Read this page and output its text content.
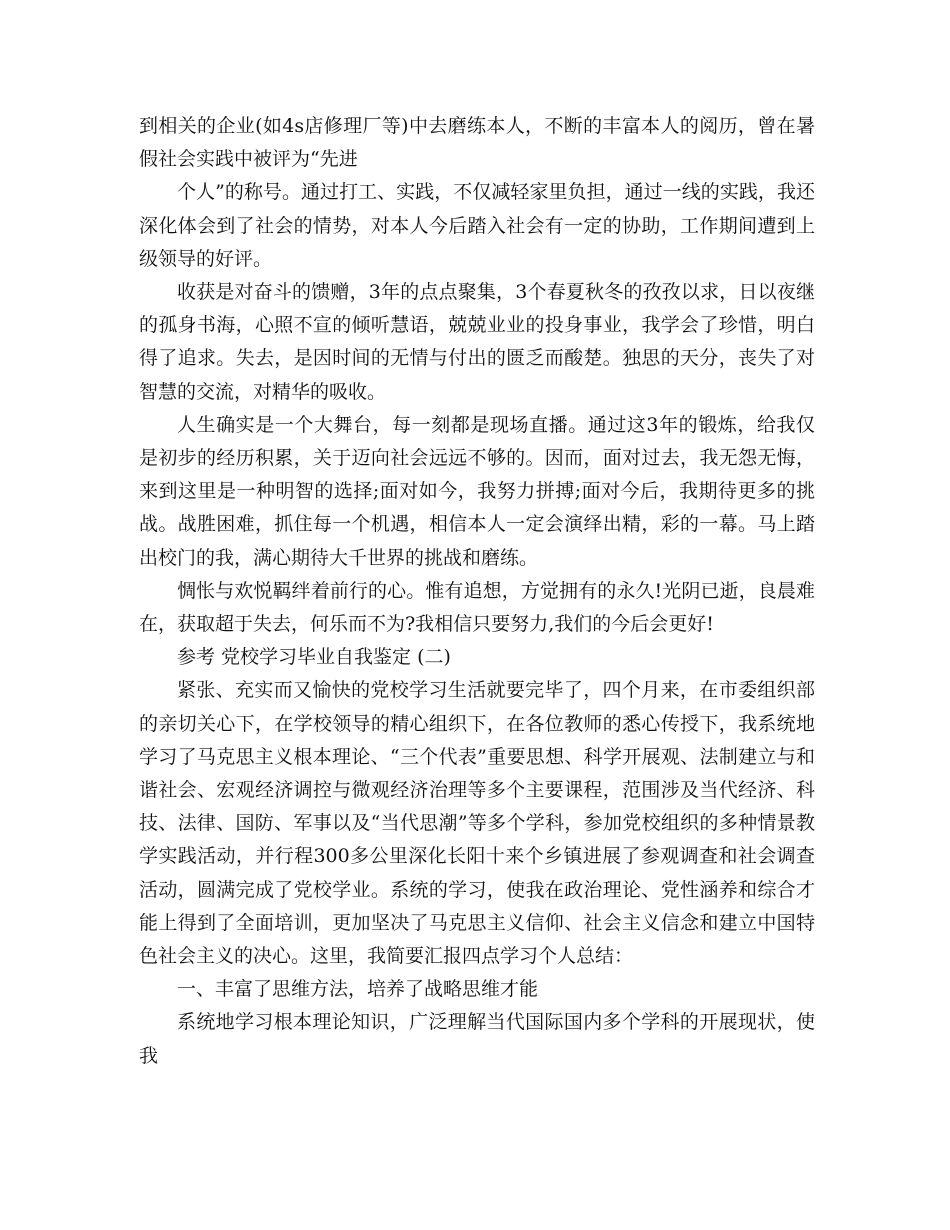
到相关的企业(如4s店修理厂等)中去磨练本人，不断的丰富本人的阅历，曾在暑假社会实践中被评为“先进

个人”的称号。通过打工、实践，不仅减轻家里负担，通过一线的实践，我还深化体会到了社会的情势，对本人今后踏入社会有一定的协助，工作期间遭到上级领导的好评。

收获是对奋斗的馈赠，3年的点点聚集，3个春夏秋冬的孜孜以求，日以夜继的孤身书海，心照不宣的倾听慧语，兢兢业业的投身事业，我学会了珍惜，明白得了追求。失去，是因时间的无情与付出的匮乏而酸楚。独思的天分，丧失了对智慧的交流，对精华的吸收。

人生确实是一个大舞台，每一刻都是现场直播。通过这3年的锻炼，给我仅是初步的经历积累，关于迈向社会远远不够的。因而，面对过去，我无怨无悔，来到这里是一种明智的选择;面对如今，我努力拼搏;面对今后，我期待更多的挑战。战胜困难，抓住每一个机遇，相信本人一定会演绎出精，彩的一幕。马上踏出校门的我，满心期待大千世界的挑战和磨练。

惆怅与欢悦羁绊着前行的心。惟有追想，方觉拥有的永久!光阴已逝，良晨难在，获取超于失去，何乐而不为?我相信只要努力,我们的今后会更好!

参考 党校学习毕业自我鉴定 (二)

紧张、充实而又愉快的党校学习生活就要完毕了，四个月来，在市委组织部的亲切关心下，在学校领导的精心组织下，在各位教师的悉心传授下，我系统地学习了马克思主义根本理论、“三个代表”重要思想、科学开展观、法制建立与和谐社会、宏观经济调控与微观经济治理等多个主要课程，范围涉及当代经济、科技、法律、国防、军事以及“当代思潮”等多个学科，参加党校组织的多种情景教学实践活动，并行程300多公里深化长阳十来个乡镇进展了参观调查和社会调查活动，圆满完成了党校学业。系统的学习，使我在政治理论、党性涵养和综合才能上得到了全面培训，更加坚决了马克思主义信仰、社会主义信念和建立中国特色社会主义的决心。这里，我简要汇报四点学习个人总结：

一、丰富了思维方法，培养了战略思维才能

系统地学习根本理论知识，广泛理解当代国际国内多个学科的开展现状，使我
